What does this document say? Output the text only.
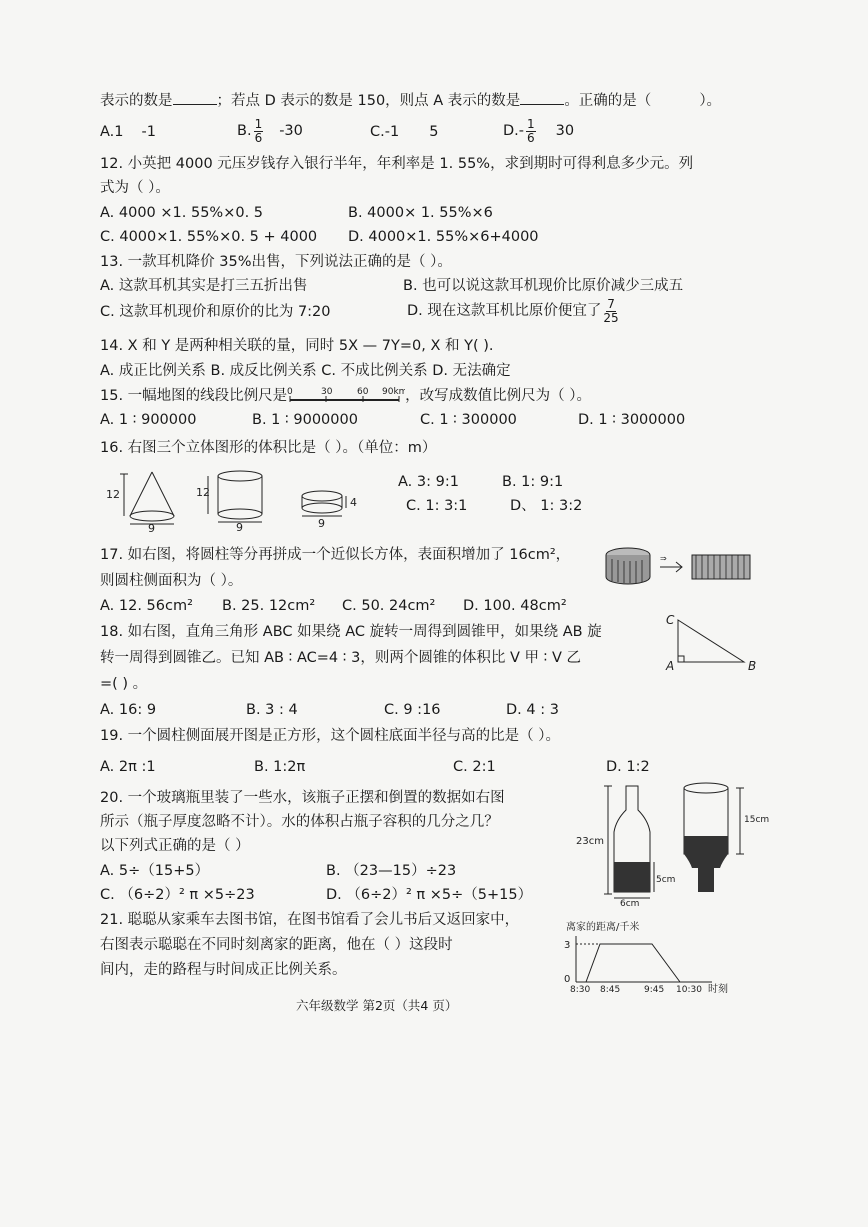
表示的数是	；若点 D 表示的数是 150，则点 A 表示的数是	。正确的是（	）。
A.1 -1	B. $\frac{1}{6} -30$	C.-1 5	$D.- \frac{1}{6} 30$
12. 小英把 4000 元压岁钱存入银行半年，年利率是 1. 55%，求到期时可得利息多少元。列
式为（ ）。
A. 4000 ×1. 55%×0. 5	B. 4000× 1. 55%×6
C. 4000×1. 55%×0. 5 + 4000 D. 4000×1. 55%×6+4000
13. 一款耳机降价 35%出售，下列说法正确的是（ ）。
A. 这款耳机其实是打三五折出售	B. 也可以说这款耳机现价比原价减少三成五
C. 这款耳机现价和原价的比为 7:20	D. 现在这款耳机比原价便宜了 $\frac{7}{25}$
14. X 和 Y 是两种相关联的量，同时 5X — 7Y=0, X 和 Y( ).
A. 成正比例关系 B. 成反比例关系 C. 不成比例关系 D. 无法确定
15. 一幅地图的线段比例尺是 0	30	60 90km
，改写成数值比例尺为（ ）。
A. 1 ∶ 900000	B. 1 ∶ 9000000	C. 1 ∶ 300000	D. 1 ∶ 3000000
16. 右图三个立体图形的体积比是（ ）。（单位：m）
12
9
12
9
4
9
A. 3: 9:1	B. 1: 9:1
C. 1: 3:1	D、 1: 3:2
17. 如右图，将圆柱等分再拼成一个近似长方体，表面积增加了 16cm²，
则圆柱侧面积为（ ）。
⇒
A. 12. 56cm² B. 25. 12cm² C. 50. 24cm² D. 100. 48cm²
18. 如右图，直角三角形 ABC 如果绕 AC 旋转一周得到圆锥甲，如果绕 AB 旋
转一周得到圆锥乙。已知 AB ∶ AC=4 ∶ 3，则两个圆锥的体积比 V 甲 ∶ V 乙
=( ) 。
C
A	B
A. 16: 9	B. 3 : 4	C. 9 :16	D. 4 : 3
19. 一个圆柱侧面展开图是正方形，这个圆柱底面半径与高的比是（ ）。
A. 2π :1	B. 1:2π	C. 2:1	D. 1:2
20. 一个玻璃瓶里装了一些水，该瓶子正摆和倒置的数据如右图
所示（瓶子厚度忽略不计）。水的体积占瓶子容积的几分之几？
以下列式正确的是（ ）
A. 5÷（15+5）	B. （23—15）÷23
C. （6÷2）² π ×5÷23	D. （6÷2）² π ×5÷（5+15）
23cm
5cm
6cm
15cm
21. 聪聪从家乘车去图书馆，在图书馆看了会儿书后又返回家中，
右图表示聪聪在不同时刻离家的距离，他在（ ）这段时
间内，走的路程与时间成正比例关系。
离家的距离/千米
3
0
8:30 8:45	9:45 10:30 时刻
六年级数学 第2页（共4 页）
